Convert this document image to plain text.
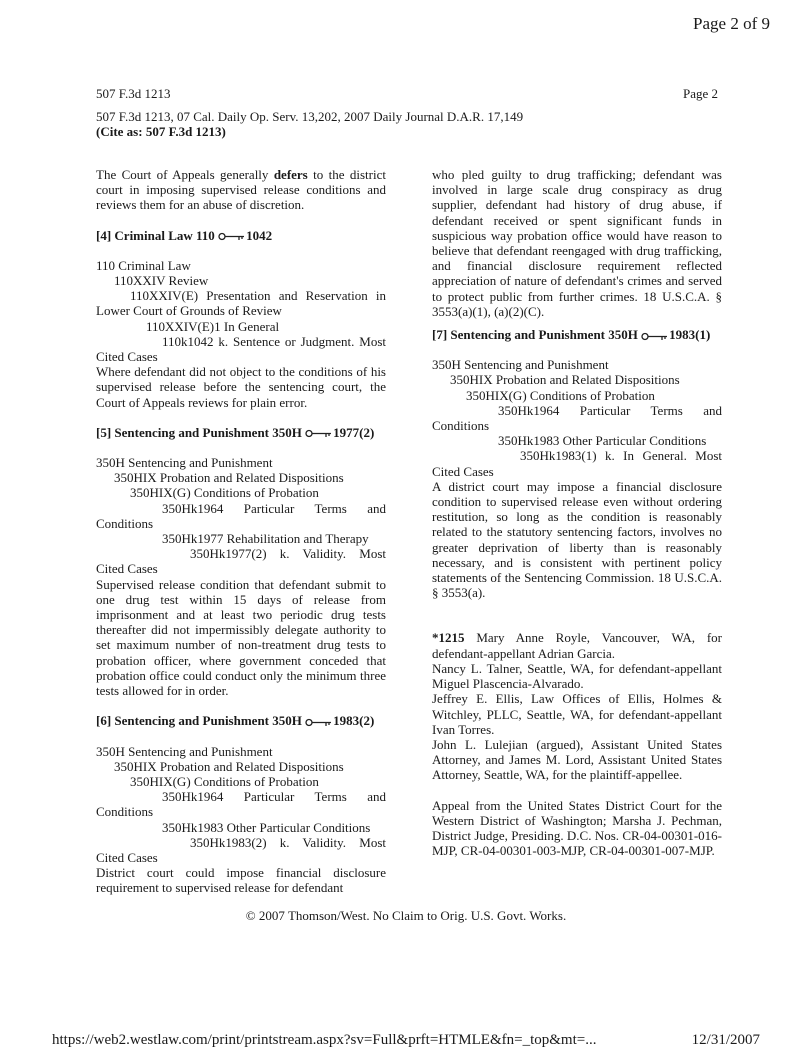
Page 2 of 9
507 F.3d 1213	Page 2
507 F.3d 1213, 07 Cal. Daily Op. Serv. 13,202, 2007 Daily Journal D.A.R. 17,149
(Cite as: 507 F.3d 1213)

The Court of Appeals generally defers to the district court in imposing supervised release conditions and reviews them for an abuse of discretion.

[4] Criminal Law 110
1042

110 Criminal Law

110XXIV Review

110XXIV(E) Presentation and Reservation in Lower Court of Grounds of Review

110XXIV(E)1 In General

110k1042 k. Sentence or Judgment. Most Cited Cases

Where defendant did not object to the conditions of his supervised release before the sentencing court, the Court of Appeals reviews for plain error.

[5] Sentencing and Punishment 350H
1977(2)

350H Sentencing and Punishment

350HIX Probation and Related Dispositions

350HIX(G) Conditions of Probation

350Hk1964 Particular Terms and Conditions

350Hk1977 Rehabilitation and Therapy

350Hk1977(2) k. Validity. Most Cited Cases

Supervised release condition that defendant submit to one drug test within 15 days of release from imprisonment and at least two periodic drug tests thereafter did not impermissibly delegate authority to set maximum number of non-treatment drug tests to probation officer, where government conceded that probation office could conduct only the minimum three tests allowed for in order.

[6] Sentencing and Punishment 350H
1983(2)

350H Sentencing and Punishment

350HIX Probation and Related Dispositions

350HIX(G) Conditions of Probation

350Hk1964 Particular Terms and Conditions

350Hk1983 Other Particular Conditions

350Hk1983(2) k. Validity. Most Cited Cases

District court could impose financial disclosure requirement to supervised release for defendant

who pled guilty to drug trafficking; defendant was involved in large scale drug conspiracy as drug supplier, defendant had history of drug abuse, if defendant received or spent significant funds in suspicious way probation office would have reason to believe that defendant reengaged with drug trafficking, and financial disclosure requirement reflected appreciation of nature of defendant's crimes and served to protect public from further crimes. 18 U.S.C.A. § 3553(a)(1), (a)(2)(C).

[7] Sentencing and Punishment 350H
1983(1)

350H Sentencing and Punishment

350HIX Probation and Related Dispositions

350HIX(G) Conditions of Probation

350Hk1964 Particular Terms and Conditions

350Hk1983 Other Particular Conditions

350Hk1983(1) k. In General. Most Cited Cases

A district court may impose a financial disclosure condition to supervised release even without ordering restitution, so long as the condition is reasonably related to the statutory sentencing factors, involves no greater deprivation of liberty than is reasonably necessary, and is consistent with pertinent policy statements of the Sentencing Commission. 18 U.S.C.A. § 3553(a).

*1215 Mary Anne Royle, Vancouver, WA, for defendant-appellant Adrian Garcia.

Nancy L. Talner, Seattle, WA, for defendant-appellant Miguel Plascencia-Alvarado.

Jeffrey E. Ellis, Law Offices of Ellis, Holmes & Witchley, PLLC, Seattle, WA, for defendant-appellant Ivan Torres.

John L. Lulejian (argued), Assistant United States Attorney, and James M. Lord, Assistant United States Attorney, Seattle, WA, for the plaintiff-appellee.

Appeal from the United States District Court for the Western District of Washington; Marsha J. Pechman, District Judge, Presiding. D.C. Nos. CR-04-00301-016-MJP, CR-04-00301-003-MJP, CR-04-00301-007-MJP.

© 2007 Thomson/West. No Claim to Orig. U.S. Govt. Works.
https://web2.westlaw.com/print/printstream.aspx?sv=Full&prft=HTMLE&fn=_top&mt=...	12/31/2007
